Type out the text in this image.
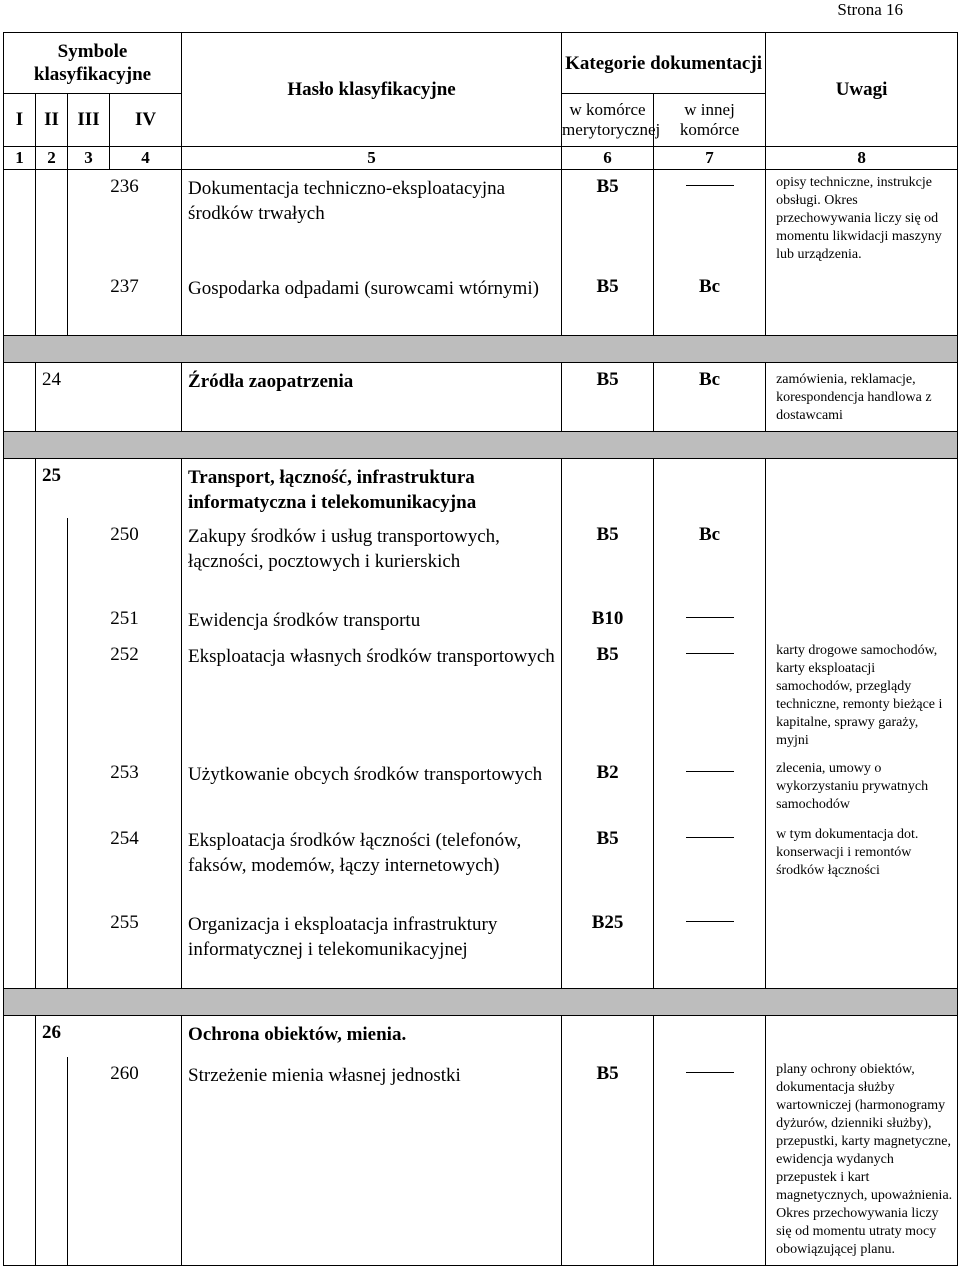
Strona 16
Symbole klasyfikacyjne				Hasło klasyfikacyjne	Kategorie dokumentacji		Uwagi
I	II	III	IV		w komórce merytorycznej	w innej komórce	
1	2	3	4	5	6	7	8
		236		Dokumentacja techniczno-eksploatacyjna środków trwałych	B5		opisy techniczne, instrukcje obsługi. Okres przechowywania liczy się od momentu likwidacji maszyny lub urządzenia.
		237		Gospodarka odpadami (surowcami wtórnymi)	B5	Bc	

	24			Źródła zaopatrzenia	B5	Bc	zamówienia, reklamacje, korespondencja handlowa z dostawcami

	25			Transport, łączność, infrastruktura informatyczna i telekomunikacyjna			
		250		Zakupy środków i usług transportowych, łączności, pocztowych i kurierskich	B5	Bc	
		251		Ewidencja środków transportu	B10	

		252		Eksploatacja własnych środków transportowych	B5		karty drogowe samochodów, karty eksploatacji samochodów, przeglądy techniczne, remonty bieżące i kapitalne, sprawy garaży, myjni
		253		Użytkowanie obcych środków transportowych	B2		zlecenia, umowy o wykorzystaniu prywatnych samochodów
		254		Eksploatacja środków łączności (telefonów, faksów, modemów, łączy internetowych)	B5		w tym dokumentacja dot. konserwacji i remontów środków łączności
		255		Organizacja i eksploatacja infrastruktury informatycznej i telekomunikacyjnej	B25	

	26			Ochrona obiektów, mienia.			
		260		Strzeżenie mienia własnej jednostki	B5		plany ochrony obiektów, dokumentacja służby wartowniczej (harmonogramy dyżurów, dzienniki służby), przepustki, karty magnetyczne, ewidencja wydanych przepustek i kart magnetycznych, upoważnienia. Okres przechowywania liczy się od momentu utraty mocy obowiązującej planu.
